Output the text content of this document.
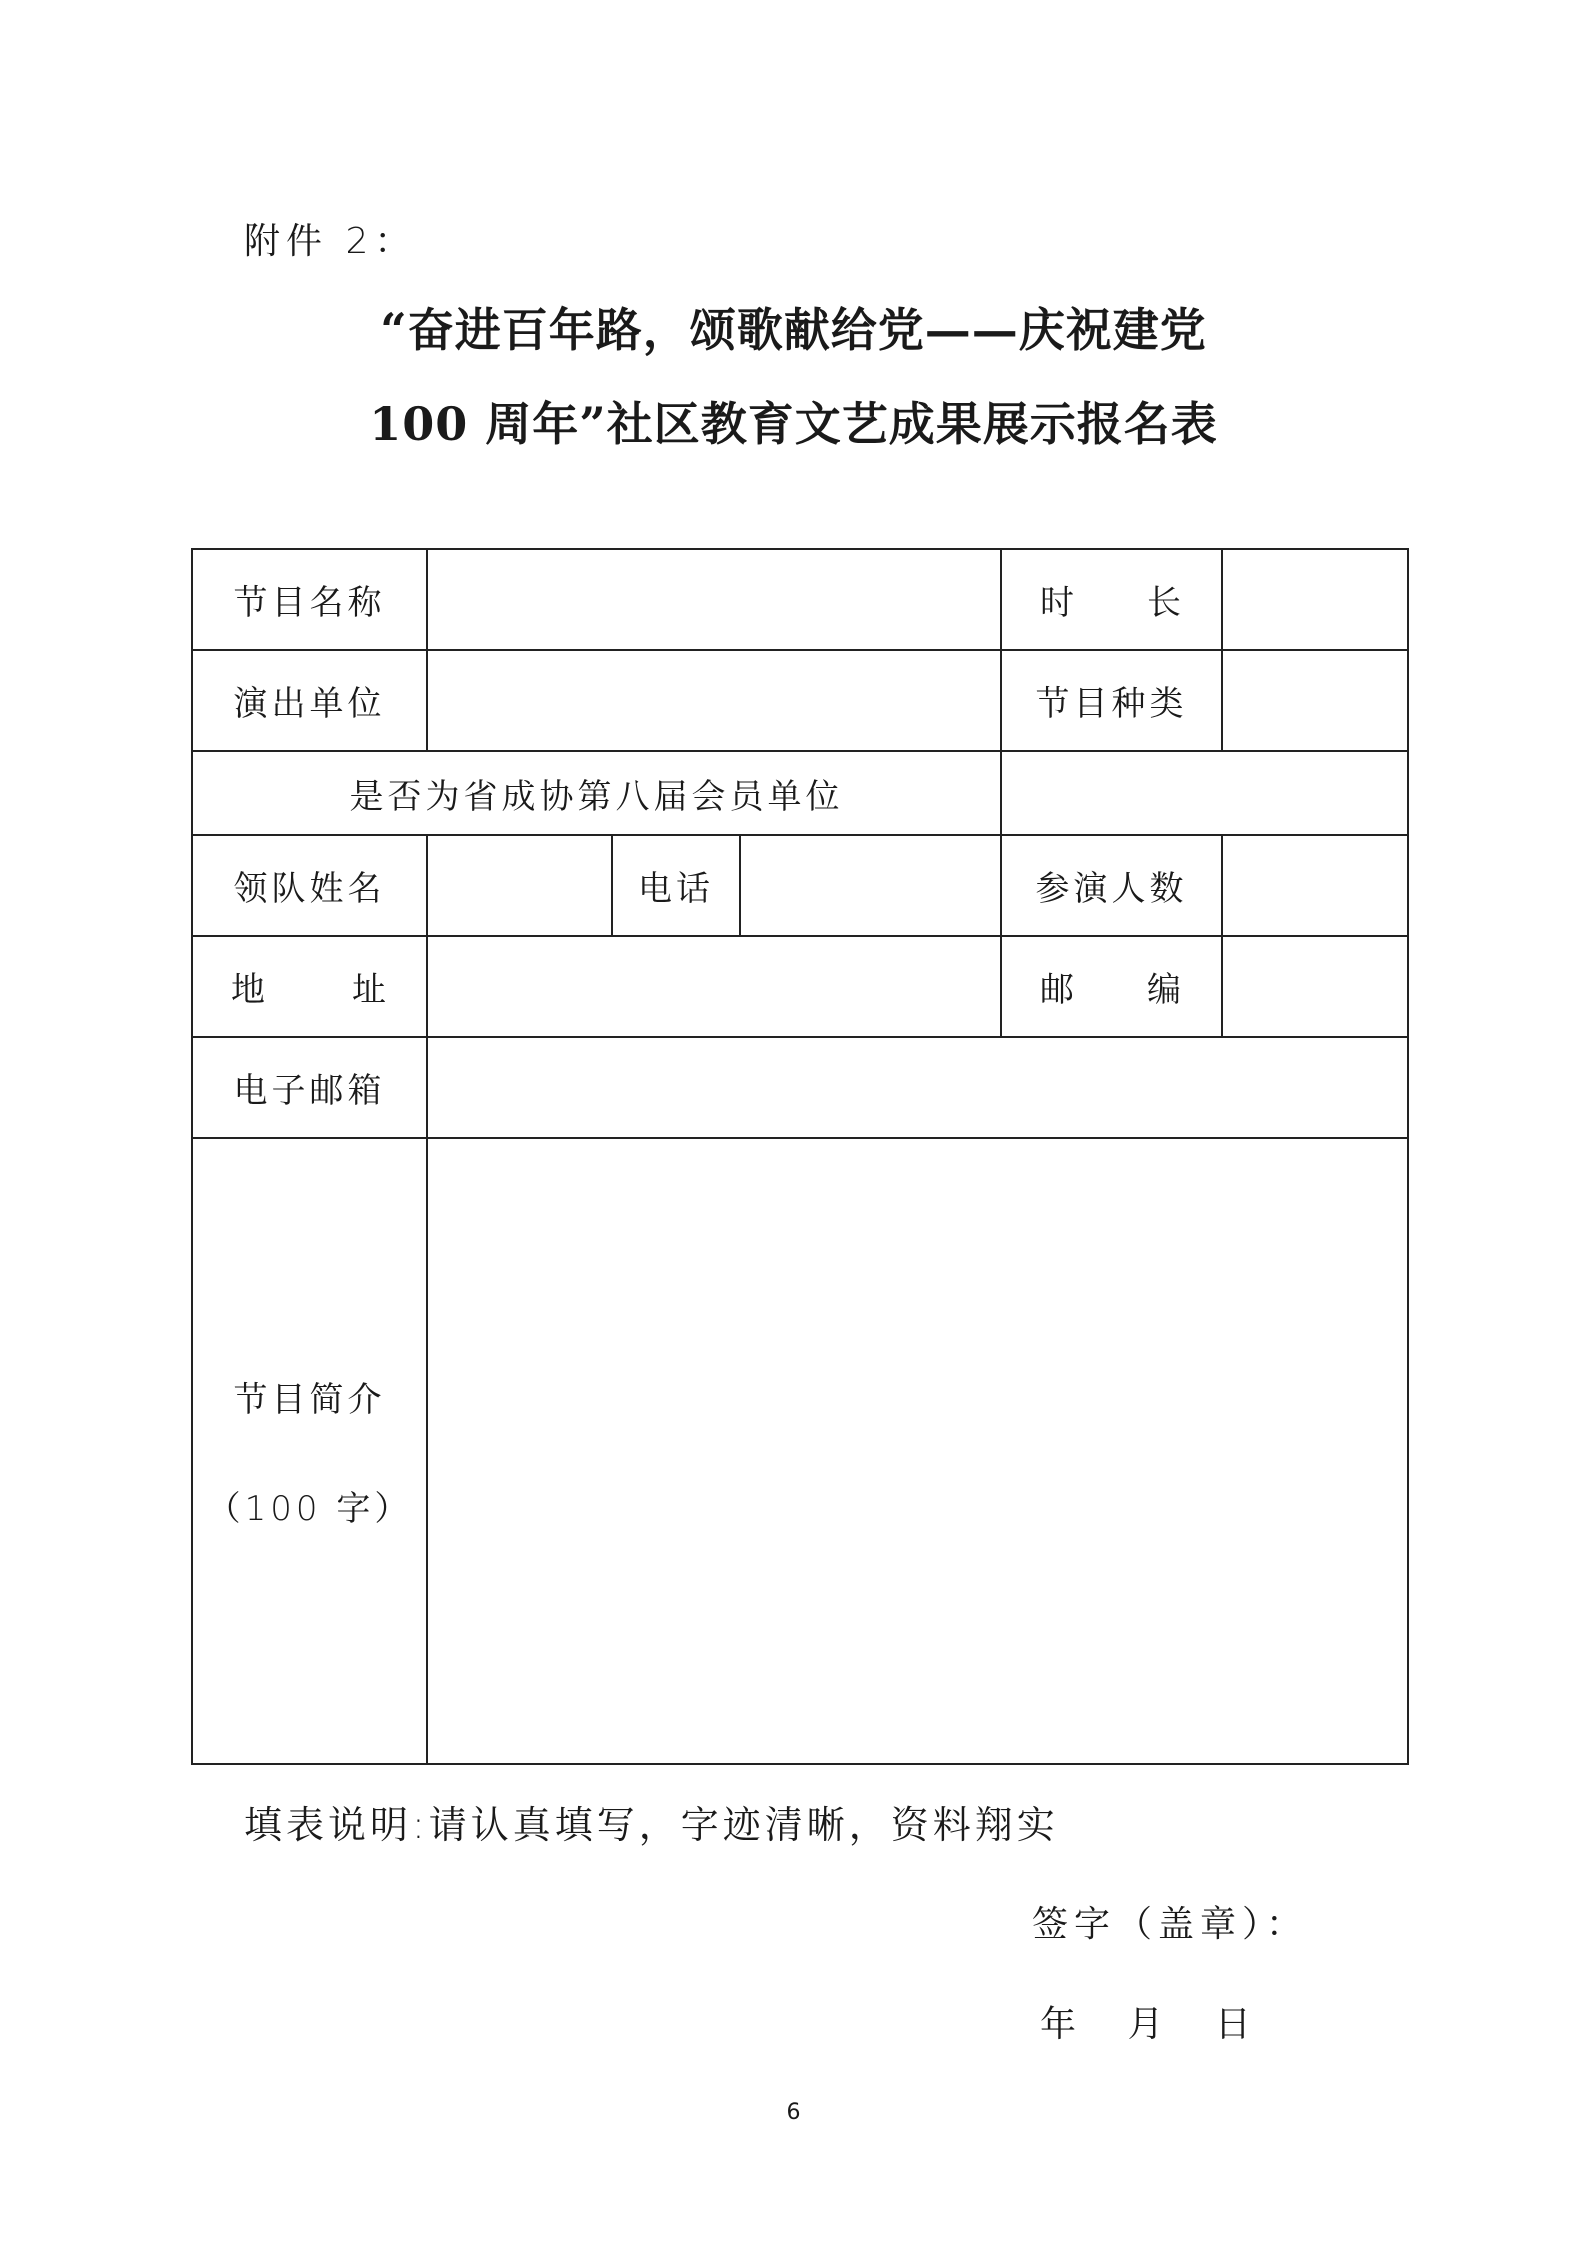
附件 2：
“奋进百年路，颂歌献给党——庆祝建党
100 周年”社区教育文艺成果展示报名表
节目名称				时 长	

演出单位				节目种类	
是否为省成协第八届会员单位					
领队姓名		电话		参演人数	

地 址				邮 编	

电子邮箱					

节目简介
（100 字）					

填表说明:请认真填写，字迹清晰，资料翔实
签字（盖章）：
年 月 日
6
